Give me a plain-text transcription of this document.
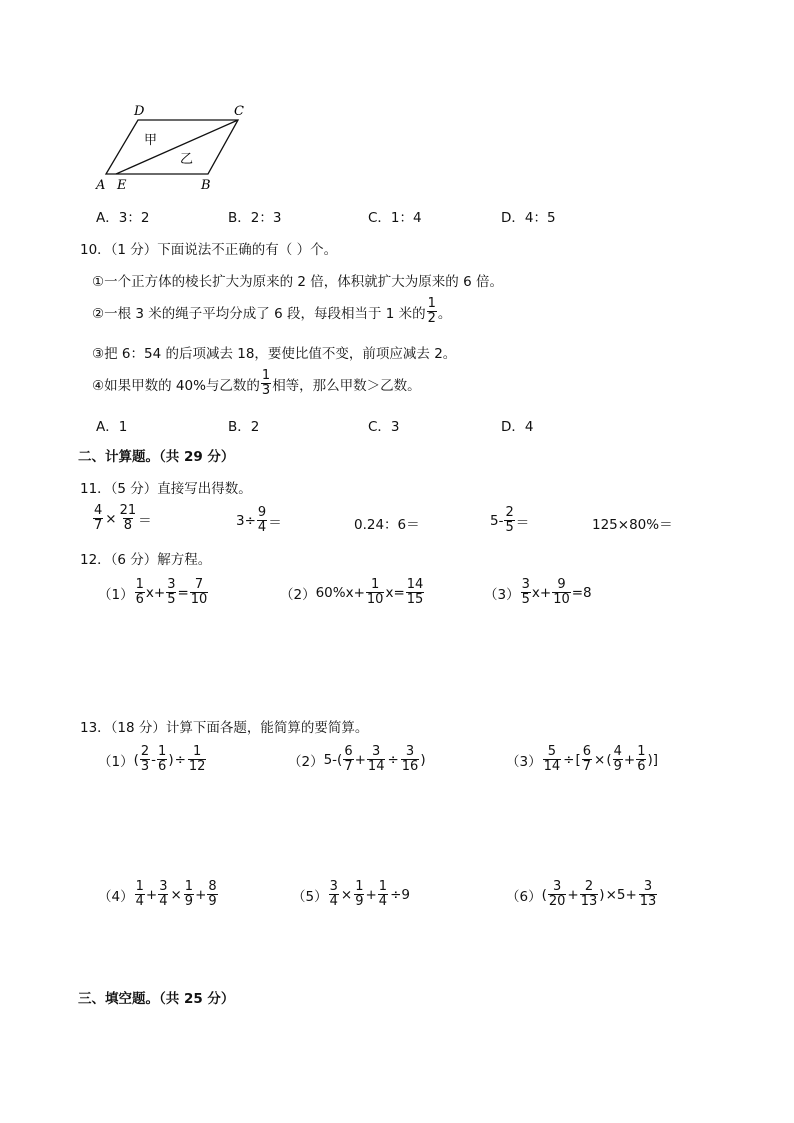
D	C
A E	B
甲
乙
A．3：2	B．2：3	C．1：4	D．4：5
10．（1 分）下面说法不正确的有（ ）个。
①一个正方体的棱长扩大为原来的 2 倍，体积就扩大为原来的 6 倍。
②一根 3 米的绳子平均分成了 6 段，每段相当于 1 米的 $\frac{1}{2}$ 。
③把 6：54 的后项减去 18，要使比值不变，前项应减去 2。
④如果甲数的 40%与乙数的 $\frac{1}{3}$ 相等，那么甲数＞乙数。
A．1	B．2	C．3	D．4
二、计算题。（共 29 分）
11．（5 分）直接写出得数。
$\frac{4}{7} \times \frac{21}{8}$ ＝	$3\div \frac{9}{4}$ ＝	0.24：6＝	$5- \frac{2}{5}$ ＝	125×80%＝
12．（6 分）解方程。
$(1) \frac{1}{6} x+ \frac{3}{5} = \frac{7}{10}$	（2） $60\%x+ \frac{1}{10} x= \frac{14}{15}$	$(3) \frac{3}{5} x+ \frac{9}{10} =8$
13．（18 分）计算下面各题，能简算的要简算。
（1） ( $\frac{2}{3} - \frac{1}{6}$ ) ÷ $\frac{1}{12}$	（2） $5-( \frac{6}{7} + \frac{3}{14} \div \frac{3}{16}$ )	$(3) \frac{5}{14}$ ÷ [ $\frac{6}{7}$ × ( $\frac{4}{9} + \frac{1}{6}$ )]
$(4) \frac{1}{4} + \frac{3}{4} \times \frac{1}{9} + \frac{8}{9}$	$(5) \frac{3}{4} \times \frac{1}{9} + \frac{1}{4} \div 9$	（6） ( $\frac{3}{20} + \frac{2}{13}$ ) $\times 5+ \frac{3}{13}$
三、填空题。（共 25 分）
